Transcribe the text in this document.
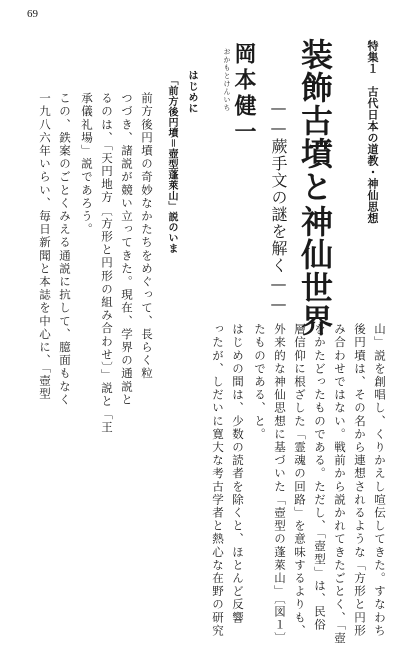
69
特集１　古代日本の道教・神仙思想
装飾古墳と
神仙世界
——蕨手文の謎を解く——
おかもとけんいち 岡本健一
はじめに
「前方後円墳＝壺型蓬萊山」説のいま
前方後円墳の奇妙なかたちをめぐって、長らく粒
つづき、諸説が競い立ってきた。現在、学界の通説と
るのは、「天円地方〔方形と円形の組み合わせ〕」説と「王
承儀礼場」説であろう。
この、鉄案のごとくみえる通説に抗して、臆面もなく
一九八六年いらい、毎日新聞と本誌を中心に、「壺型
山」説を創唱し、くりかえし喧伝してきた。すなわち
後円墳は、その名から連想されるような「方形と円形
み合わせではない。戦前から説かれてきたごとく、「壺
をかたどったものである。ただし、「壺型」は、民俗
層信仰に根ざした「霊魂の回路」を意味するよりも、
外来的な神仙思想に基づいた「壺型の蓬萊山」〔図１〕
たものである、と。
はじめの間は、少数の読者を除くと、ほとんど反響
ったが、しだいに寛大な考古学者と熱心な在野の研究
